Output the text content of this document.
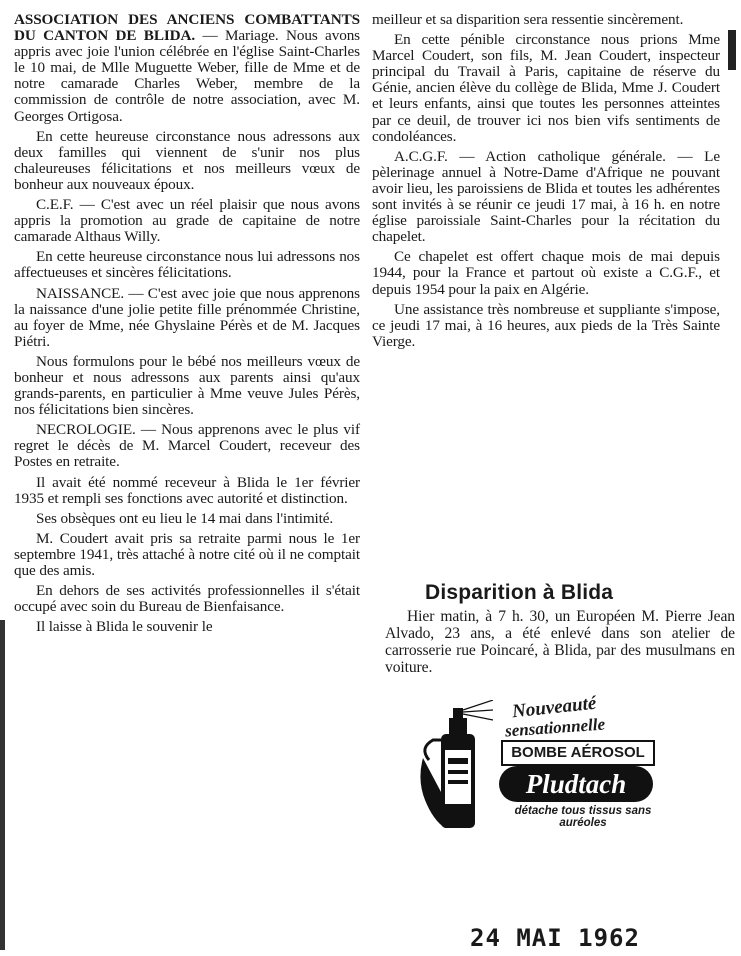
ASSOCIATION DES ANCIENS COMBATTANTS DU CANTON DE BLIDA. — Mariage. Nous avons appris avec joie l'union célébrée en l'église Saint-Charles le 10 mai, de Mlle Muguette Weber, fille de Mme et de notre camarade Charles Weber, membre de la commission de contrôle de notre association, avec M. Georges Ortigosa.

En cette heureuse circonstance nous adressons aux deux familles qui viennent de s'unir nos plus chaleureuses félicitations et nos meilleurs vœux de bonheur aux nouveaux époux.

C.E.F. — C'est avec un réel plaisir que nous avons appris la promotion au grade de capitaine de notre camarade Althaus Willy.

En cette heureuse circonstance nous lui adressons nos affectueuses et sincères félicitations.

NAISSANCE. — C'est avec joie que nous apprenons la naissance d'une jolie petite fille prénommée Christine, au foyer de Mme, née Ghyslaine Pérès et de M. Jacques Piétri.

Nous formulons pour le bébé nos meilleurs vœux de bonheur et nous adressons aux parents ainsi qu'aux grands-parents, en particulier à Mme veuve Jules Pérès, nos félicitations bien sincères.

NECROLOGIE. — Nous apprenons avec le plus vif regret le décès de M. Marcel Coudert, receveur des Postes en retraite.

Il avait été nommé receveur à Blida le 1er février 1935 et rempli ses fonctions avec autorité et distinction.

Ses obsèques ont eu lieu le 14 mai dans l'intimité.

M. Coudert avait pris sa retraite parmi nous le 1er septembre 1941, très attaché à notre cité où il ne comptait que des amis.

En dehors de ses activités professionnelles il s'était occupé avec soin du Bureau de Bienfaisance.

Il laisse à Blida le souvenir le

meilleur et sa disparition sera ressentie sincèrement.

En cette pénible circonstance nous prions Mme Marcel Coudert, son fils, M. Jean Coudert, inspecteur principal du Travail à Paris, capitaine de réserve du Génie, ancien élève du collège de Blida, Mme J. Coudert et leurs enfants, ainsi que toutes les personnes atteintes par ce deuil, de trouver ici nos bien vifs sentiments de condoléances.

A.C.G.F. — Action catholique générale. — Le pèlerinage annuel à Notre-Dame d'Afrique ne pouvant avoir lieu, les paroissiens de Blida et toutes les adhérentes sont invités à se réunir ce jeudi 17 mai, à 16 h. en notre église paroissiale Saint-Charles pour la récitation du chapelet.

Ce chapelet est offert chaque mois de mai depuis 1944, pour la France et partout où existe a C.G.F., et depuis 1954 pour la paix en Algérie.

Une assistance très nombreuse et suppliante s'impose, ce jeudi 17 mai, à 16 heures, aux pieds de la Très Sainte Vierge.

Disparition à Blida

Hier matin, à 7 h. 30, un Européen M. Pierre Jean Alvado, 23 ans, a été enlevé dans son atelier de carrosserie rue Poincaré, à Blida, par des musulmans en voiture.

Nouveauté
sensationnelle
BOMBE AÉROSOL
Pludtach
détache tous tissus sans auréoles
24 MAI 1962
